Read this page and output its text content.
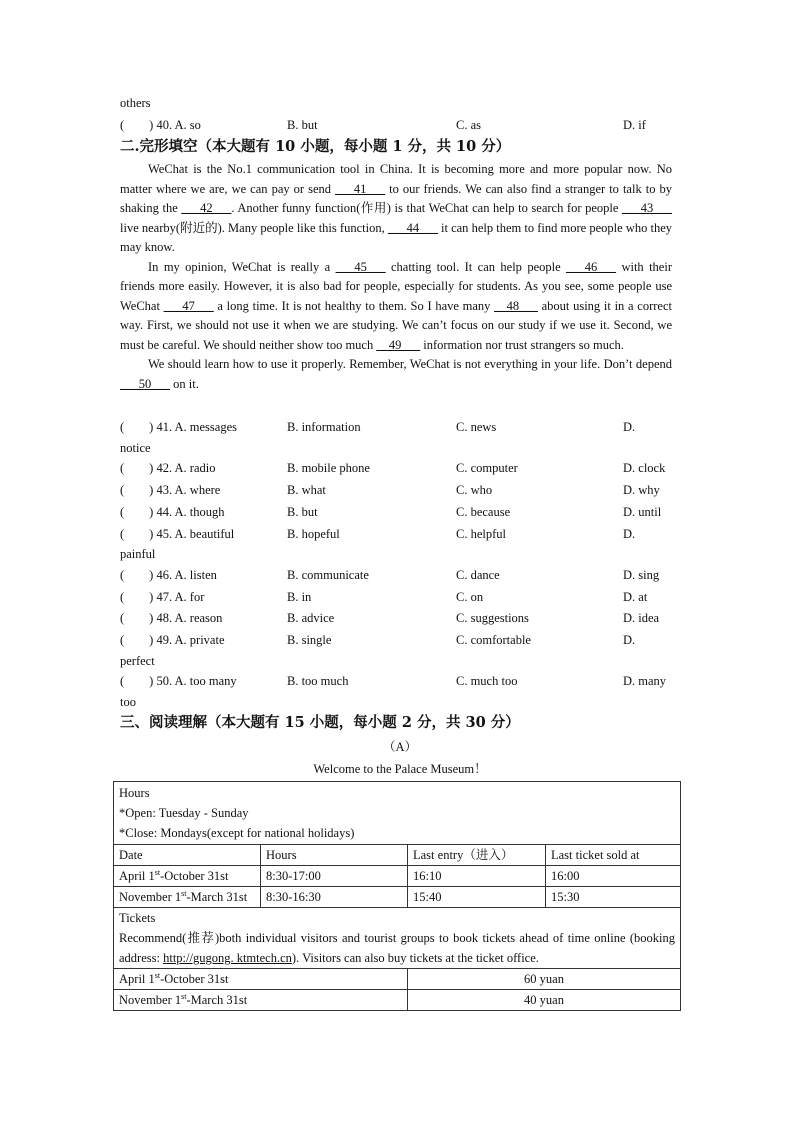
others
(　　) 40. A. so	B. but	C. as	D. if
二.完形填空（本大题有 10 小题，每小题 1 分，共 10 分）

WeChat is the No.1 communication tool in China. It is becoming more and more popular now. No matter where we are, we can pay or send ___41___ to our friends. We can also find a stranger to talk to by shaking the ___42___. Another funny function(作用) is that WeChat can help to search for people ___43___ live nearby(附近的). Many people like this function, ___44___ it can help them to find more people who they may know.

In my opinion, WeChat is really a ___45___ chatting tool. It can help people ___46___ with their friends more easily. However, it is also bad for people, especially for students. As you see, some people use WeChat ___47___ a long time. It is not healthy to them. So I have many __48___ about using it in a correct way. First, we should not use it when we are studying. We can’t focus on our study if we use it. Second, we must be careful. We should neither show too much __49___ information nor trust strangers so much.

We should learn how to use it properly. Remember, WeChat is not everything in your life. Don’t depend ___50___ on it.

(　　) 41. A. messages	B. information	C. news	D.
notice
(　　) 42. A. radio	B. mobile phone	C. computer	D. clock
(　　) 43. A. where	B. what	C. who	D. why
(　　) 44. A. though	B. but	C. because	D. until
(　　) 45. A. beautiful	B. hopeful	C. helpful	D.
painful
(　　) 46. A. listen	B. communicate	C. dance	D. sing
(　　) 47. A. for	B. in	C. on	D. at
(　　) 48. A. reason	B. advice	C. suggestions	D. idea
(　　) 49. A. private	B. single	C. comfortable	D.
perfect
(　　) 50. A. too many	B. too much	C. much too	D. many
too
三、阅读理解（本大题有 15 小题，每小题 2 分，共 30 分）
（A）
Welcome to the Palace Museum！
Hours
*Open: Tuesday - Sunday
*Close: Mondays(except for national holidays)			

Date	Hours	Last entry（进入）	Last ticket sold at
April 1st-October 31st	8:30-17:00	16:10	16:00
November 1st-March 31st	8:30-16:30	15:40	15:30

Tickets
Recommend(推荐)both individual visitors and tourist groups to book tickets ahead of time online (booking address: http://gugong. ktmtech.cn). Visitors can also buy tickets at the ticket office.			

April 1st-October 31st		60 yuan	
November 1st-March 31st		40 yuan	
